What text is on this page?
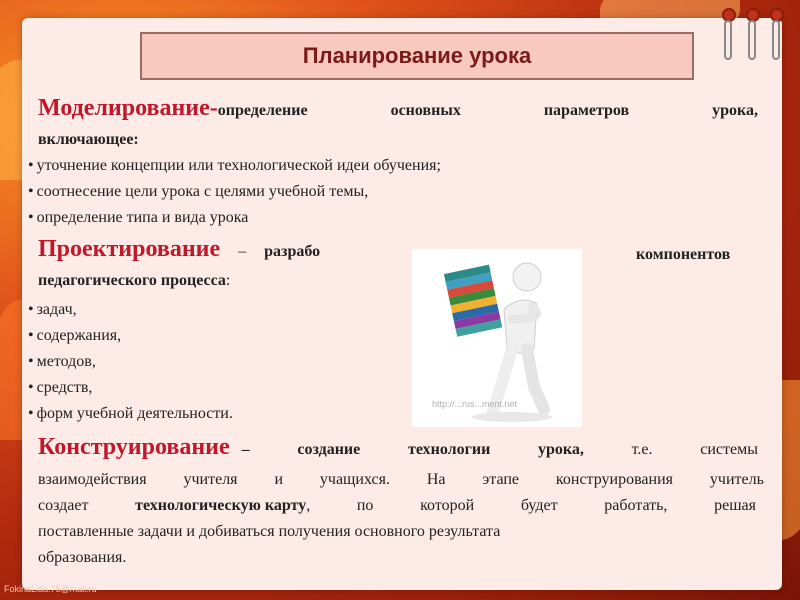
Планирование урока
Моделирование-определение	основных	параметров	урока,
включающее:
• уточнение концепции или технологической идеи обучения;
• соотнесение цели урока с целями учебной темы,
• определение типа и вида урока
Проектирование – разрабо	компонентов
педагогического процесса:
• задач,
• содержания,
• методов,
• средств,
• форм учебной деятельности.
http://...rus...ment.net
Конструирование –	создание	технологии	урока,	т.е.	системы
взаимодействия учителя и учащихся. На этапе конструирования учитель
создает	технологическую карту,	по	которой	будет	работать,	решая
поставленные задачи и добиваться получения основного результата
образования.
FokinaLida.75@mail.ru
